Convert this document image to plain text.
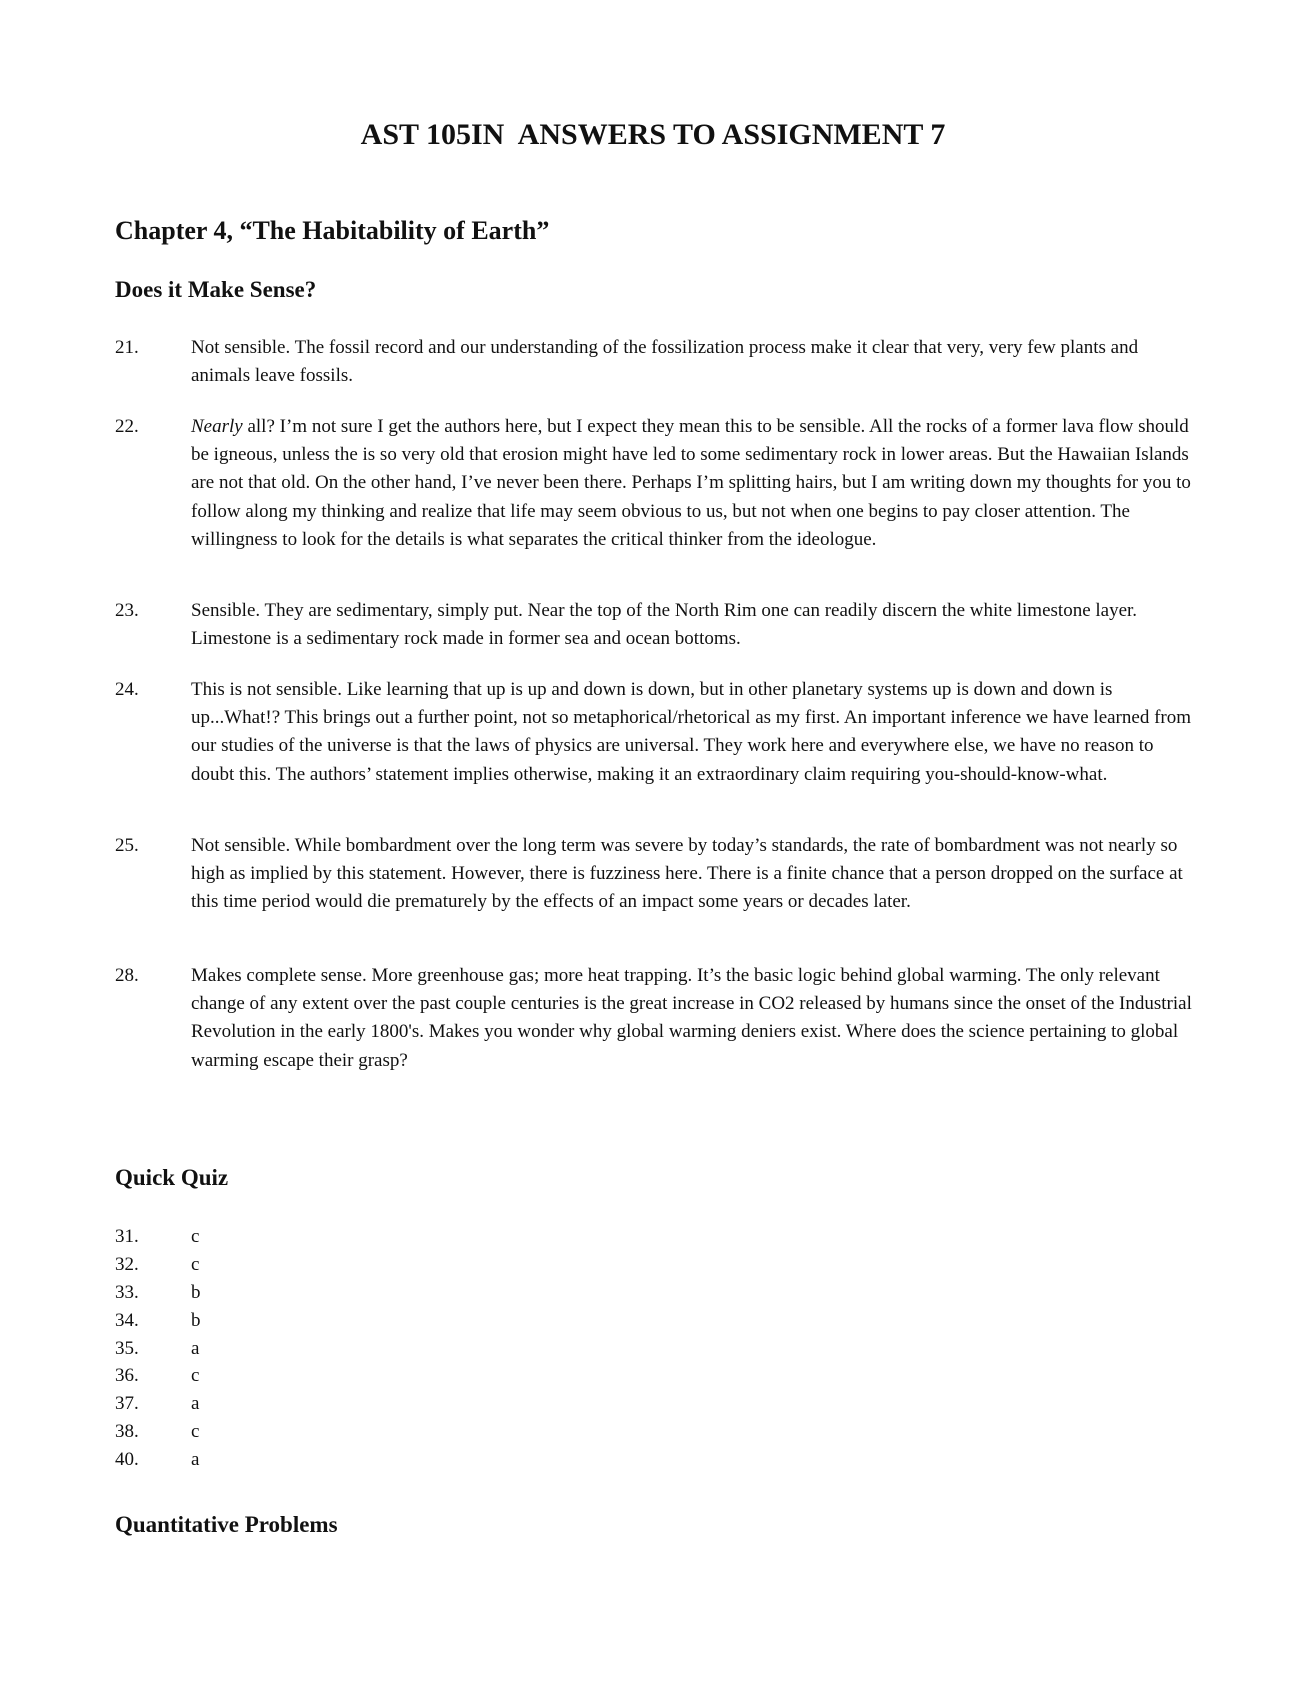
AST 105IN  ANSWERS TO ASSIGNMENT 7
Chapter 4, “The Habitability of Earth”
Does it Make Sense?
21.	Not sensible. The fossil record and our understanding of the fossilization process make it clear that very, very few plants and animals leave fossils.
22.	Nearly all? I’m not sure I get the authors here, but I expect they mean this to be sensible. All the rocks of a former lava flow should be igneous, unless the is so very old that erosion might have led to some sedimentary rock in lower areas. But the Hawaiian Islands are not that old. On the other hand, I’ve never been there. Perhaps I’m splitting hairs, but I am writing down my thoughts for you to follow along my thinking and realize that life may seem obvious to us, but not when one begins to pay closer attention. The willingness to look for the details is what separates the critical thinker from the ideologue.
23.	Sensible. They are sedimentary, simply put. Near the top of the North Rim one can readily discern the white limestone layer. Limestone is a sedimentary rock made in former sea and ocean bottoms.
24.	This is not sensible. Like learning that up is up and down is down, but in other planetary systems up is down and down is up...What!? This brings out a further point, not so metaphorical/rhetorical as my first. An important inference we have learned from our studies of the universe is that the laws of physics are universal. They work here and everywhere else, we have no reason to doubt this. The authors’ statement implies otherwise, making it an extraordinary claim requiring you-should-know-what.
25.	Not sensible. While bombardment over the long term was severe by today’s standards, the rate of bombardment was not nearly so high as implied by this statement. However, there is fuzziness here. There is a finite chance that a person dropped on the surface at this time period would die prematurely by the effects of an impact some years or decades later.
28.	Makes complete sense. More greenhouse gas; more heat trapping. It’s the basic logic behind global warming. The only relevant change of any extent over the past couple centuries is the great increase in CO2 released by humans since the onset of the Industrial Revolution in the early 1800's. Makes you wonder why global warming deniers exist. Where does the science pertaining to global warming escape their grasp?
Quick Quiz
31.	c
32.	c
33.	b
34.	b
35.	a
36.	c
37.	a
38.	c
40.	a
Quantitative Problems
